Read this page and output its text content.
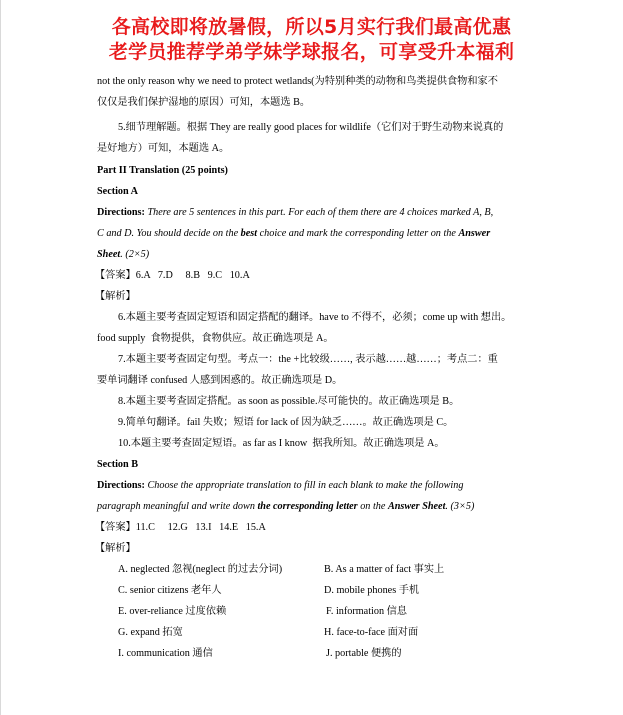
各高校即将放暑假，所以5月实行我们最高优惠
老学员推荐学弟学妹学球报名，可享受升本福利
not the only reason why we need to protect wetlands(为特别种类的动物和鸟类提供食物和家不
仅仅是我们保护湿地的原因）可知，本题选 B。
5.细节理解题。根据 They are really good places for wildlife（它们对于野生动物来说真的
是好地方）可知，本题选 A。
Part II Translation (25 points)
Section A
Directions: There are 5 sentences in this part. For each of them there are 4 choices marked A, B,
C and D. You should decide on the best choice and mark the corresponding letter on the Answer
Sheet. (2×5)
【答案】6.A   7.D     8.B   9.C   10.A
【解析】
6.本题主要考查固定短语和固定搭配的翻译。have to 不得不，必须；come up with 想出。
food supply  食物提供，食物供应。故正确选项是 A。
7.本题主要考查固定句型。考点一：the +比较级……, 表示越……越……；考点二：重
要单词翻译 confused 人感到困惑的。故正确选项是 D。
8.本题主要考查固定搭配。as soon as possible.尽可能快的。故正确选项是 B。
9.简单句翻译。fail 失败；短语 for lack of 因为缺乏……。故正确选项是 C。
10.本题主要考查固定短语。as far as I know  据我所知。故正确选项是 A。
Section B
Directions: Choose the appropriate translation to fill in each blank to make the following
paragraph meaningful and write down the corresponding letter on the Answer Sheet. (3×5)
【答案】11.C     12.G   13.I   14.E   15.A
【解析】
A. neglected 忽视(neglect 的过去分词)	B. As a matter of fact 事实上
C. senior citizens 老年人	D. mobile phones 手机
E. over-reliance 过度依赖	F. information 信息
G. expand 拓宽	H. face-to-face 面对面
I. communication 通信	J. portable 便携的
